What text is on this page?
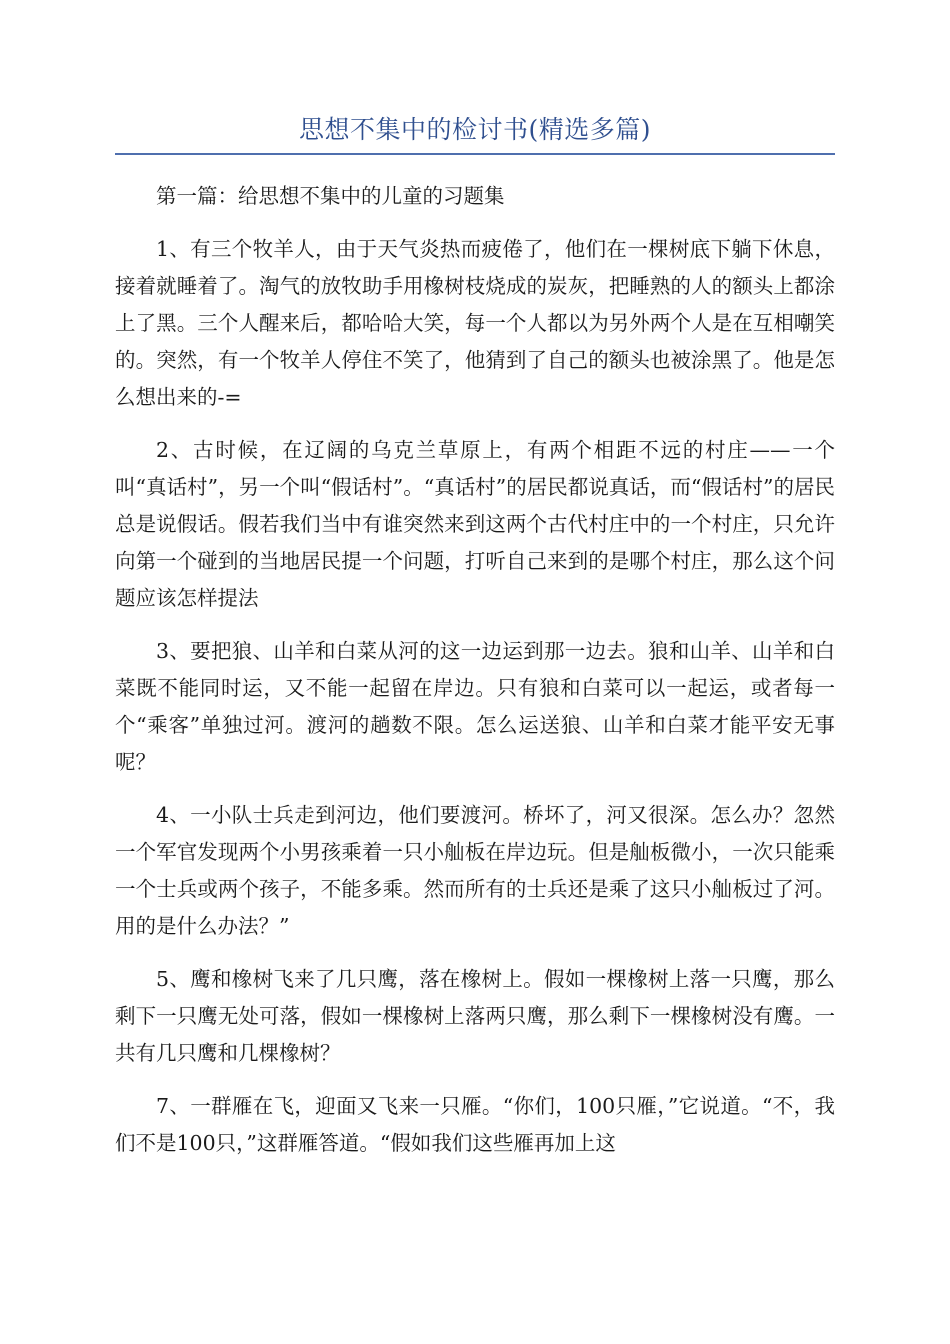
思想不集中的检讨书(精选多篇)

第一篇：给思想不集中的儿童的习题集

1、有三个牧羊人，由于天气炎热而疲倦了，他们在一棵树底下躺下休息，接着就睡着了。淘气的放牧助手用橡树枝烧成的炭灰，把睡熟的人的额头上都涂上了黑。三个人醒来后，都哈哈大笑，每一个人都以为另外两个人是在互相嘲笑的。突然，有一个牧羊人停住不笑了，他猜到了自己的额头也被涂黑了。他是怎么想出来的-=

2、古时候，在辽阔的乌克兰草原上，有两个相距不远的村庄——一个叫“真话村”，另一个叫“假话村”。“真话村”的居民都说真话，而“假话村”的居民总是说假话。假若我们当中有谁突然来到这两个古代村庄中的一个村庄，只允许向第一个碰到的当地居民提一个问题，打听自己来到的是哪个村庄，那么这个问题应该怎样提法

3、要把狼、山羊和白菜从河的这一边运到那一边去。狼和山羊、山羊和白菜既不能同时运，又不能一起留在岸边。只有狼和白菜可以一起运，或者每一个“乘客”单独过河。渡河的趟数不限。怎么运送狼、山羊和白菜才能平安无事呢？

4、一小队士兵走到河边，他们要渡河。桥坏了，河又很深。怎么办？忽然一个军官发现两个小男孩乘着一只小舢板在岸边玩。但是舢板微小，一次只能乘一个士兵或两个孩子，不能多乘。然而所有的士兵还是乘了这只小舢板过了河。用的是什么办法？”

5、鹰和橡树飞来了几只鹰，落在橡树上。假如一棵橡树上落一只鹰，那么剩下一只鹰无处可落，假如一棵橡树上落两只鹰，那么剩下一棵橡树没有鹰。一共有几只鹰和几棵橡树？

7、一群雁在飞，迎面又飞来一只雁。“你们，100只雁，”它说道。“不，我们不是100只，”这群雁答道。“假如我们这些雁再加上这
